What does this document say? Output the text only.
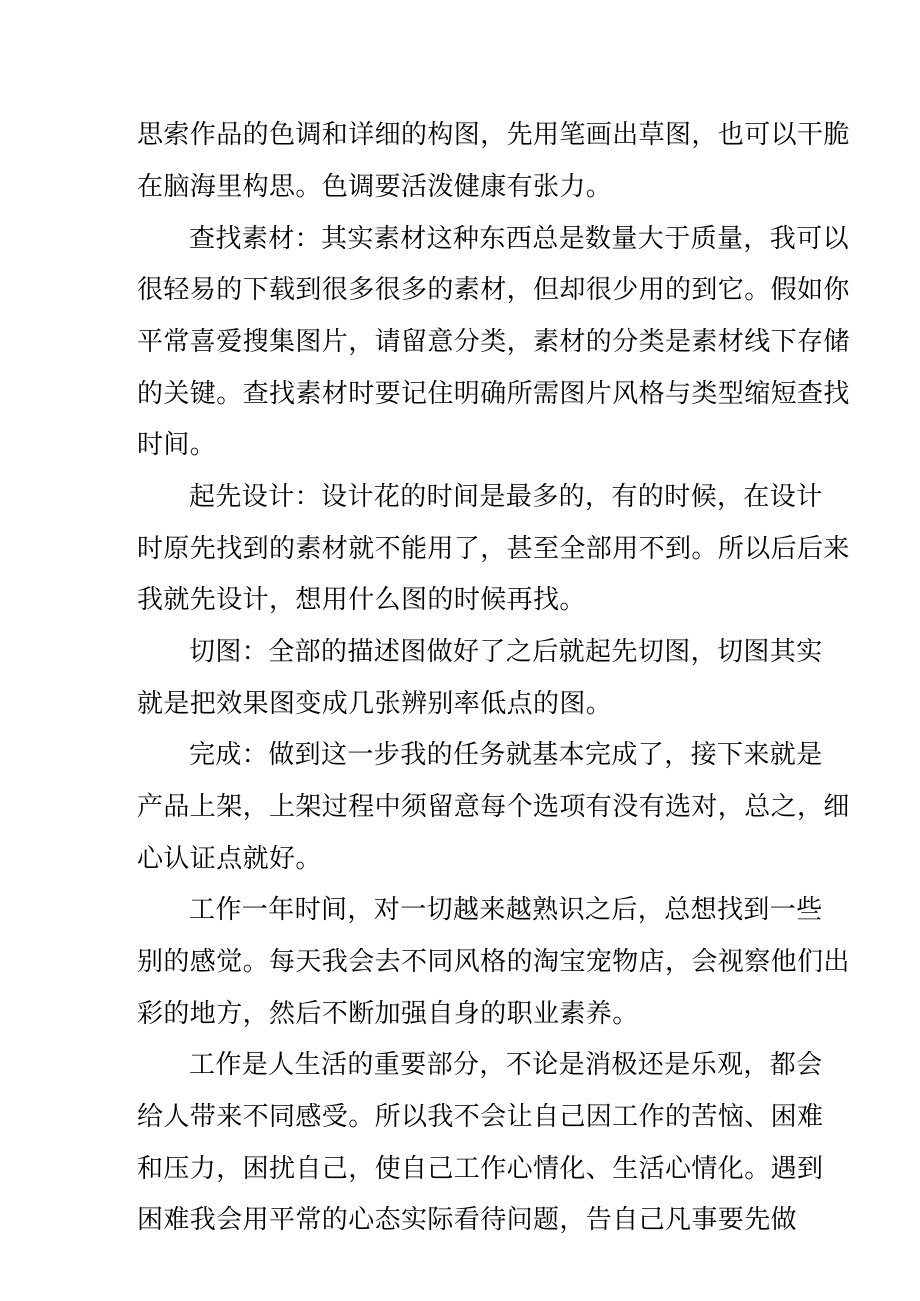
思索作品的色调和详细的构图，先用笔画出草图，也可以干脆
在脑海里构思。色调要活泼健康有张力。
查找素材：其实素材这种东西总是数量大于质量，我可以
很轻易的下载到很多很多的素材，但却很少用的到它。假如你
平常喜爱搜集图片，请留意分类，素材的分类是素材线下存储
的关键。查找素材时要记住明确所需图片风格与类型缩短查找
时间。
起先设计：设计花的时间是最多的，有的时候，在设计
时原先找到的素材就不能用了，甚至全部用不到。所以后后来
我就先设计，想用什么图的时候再找。
切图：全部的描述图做好了之后就起先切图，切图其实
就是把效果图变成几张辨别率低点的图。
完成：做到这一步我的任务就基本完成了，接下来就是
产品上架，上架过程中须留意每个选项有没有选对，总之，细
心认证点就好。
工作一年时间，对一切越来越熟识之后，总想找到一些
别的感觉。每天我会去不同风格的淘宝宠物店，会视察他们出
彩的地方，然后不断加强自身的职业素养。
工作是人生活的重要部分，不论是消极还是乐观，都会
给人带来不同感受。所以我不会让自己因工作的苦恼、困难
和压力，困扰自己，使自己工作心情化、生活心情化。遇到
困难我会用平常的心态实际看待问题，告自己凡事要先做
